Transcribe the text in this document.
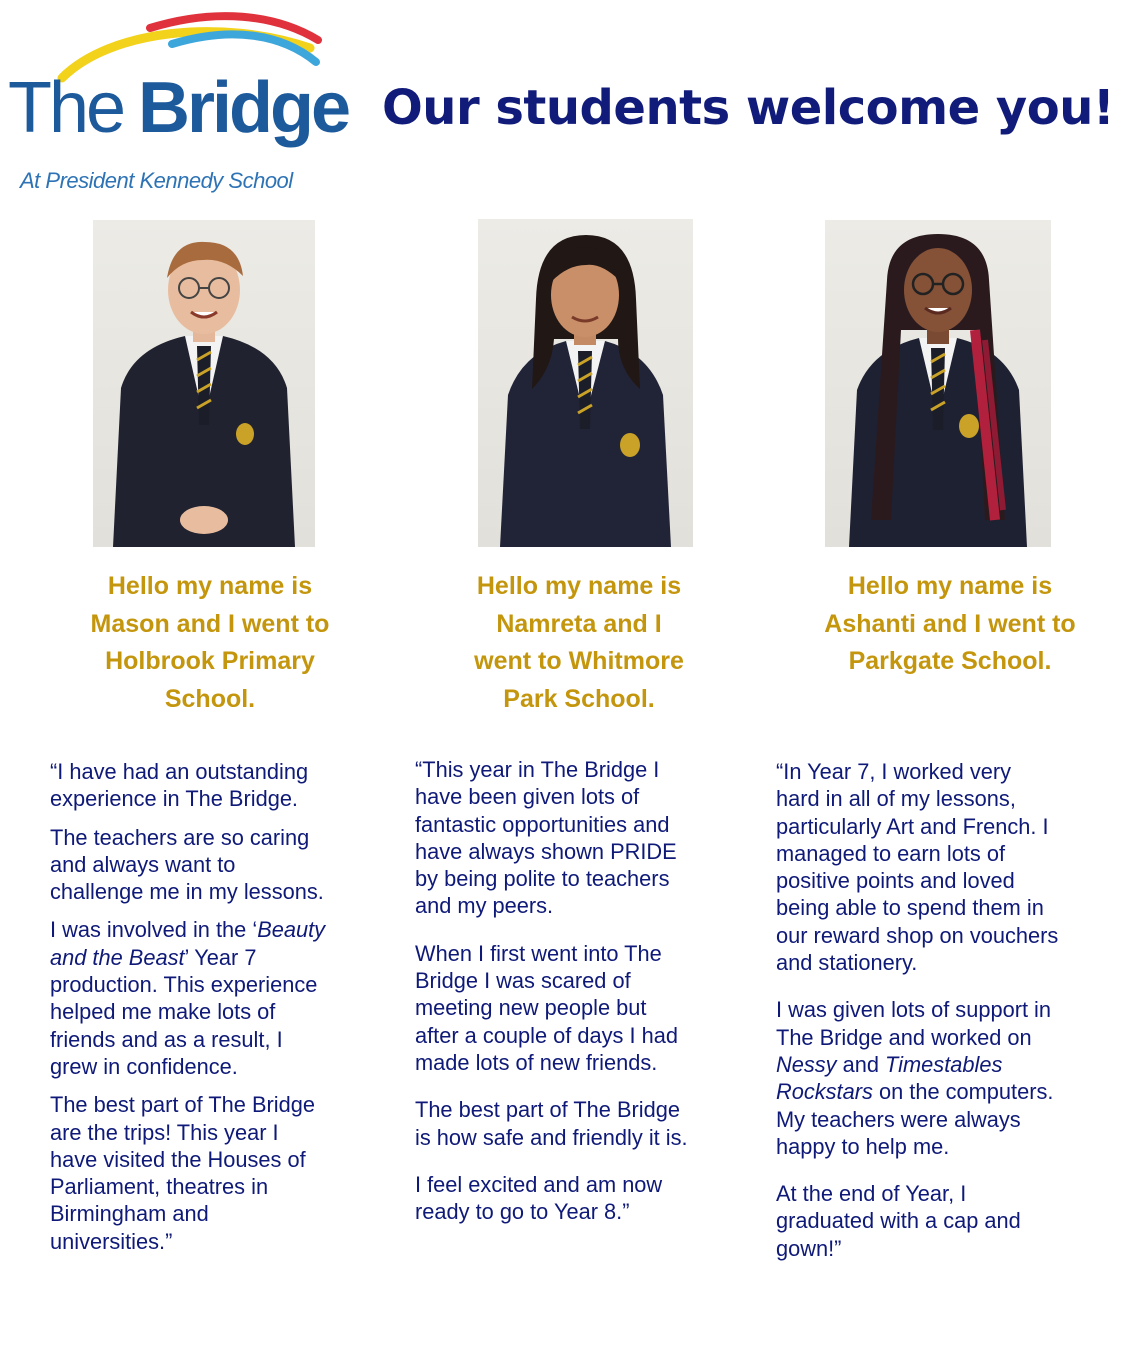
The Bridge
At President Kennedy School
Our students welcome you!
Hello my name is
Mason and I went to
Holbrook Primary
School.
Hello my name is
Namreta and I
went to Whitmore
Park School.
Hello my name is
Ashanti and I went to
Parkgate School.

“I have had an outstanding
experience in The Bridge.

The teachers are so caring
and always want to
challenge me in my lessons.

I was involved in the ‘Beauty
and the Beast’ Year 7
production. This experience
helped me make lots of
friends and as a result, I
grew in confidence.

The best part of The Bridge
are the trips! This year I
have visited the Houses of
Parliament, theatres in
Birmingham and
universities.”

“This year in The Bridge I
have been given lots of
fantastic opportunities and
have always shown PRIDE
by being polite to teachers
and my peers.

When I first went into The
Bridge I was scared of
meeting new people but
after a couple of days I had
made lots of new friends.

The best part of The Bridge
is how safe and friendly it is.

I feel excited and am now
ready to go to Year 8.”

“In Year 7, I worked very
hard in all of my lessons,
particularly Art and French. I
managed to earn lots of
positive points and loved
being able to spend them in
our reward shop on vouchers
and stationery.

I was given lots of support in
The Bridge and worked on
Nessy and Timestables
Rockstars on the computers.
My teachers were always
happy to help me.

At the end of Year, I
graduated with a cap and
gown!”
